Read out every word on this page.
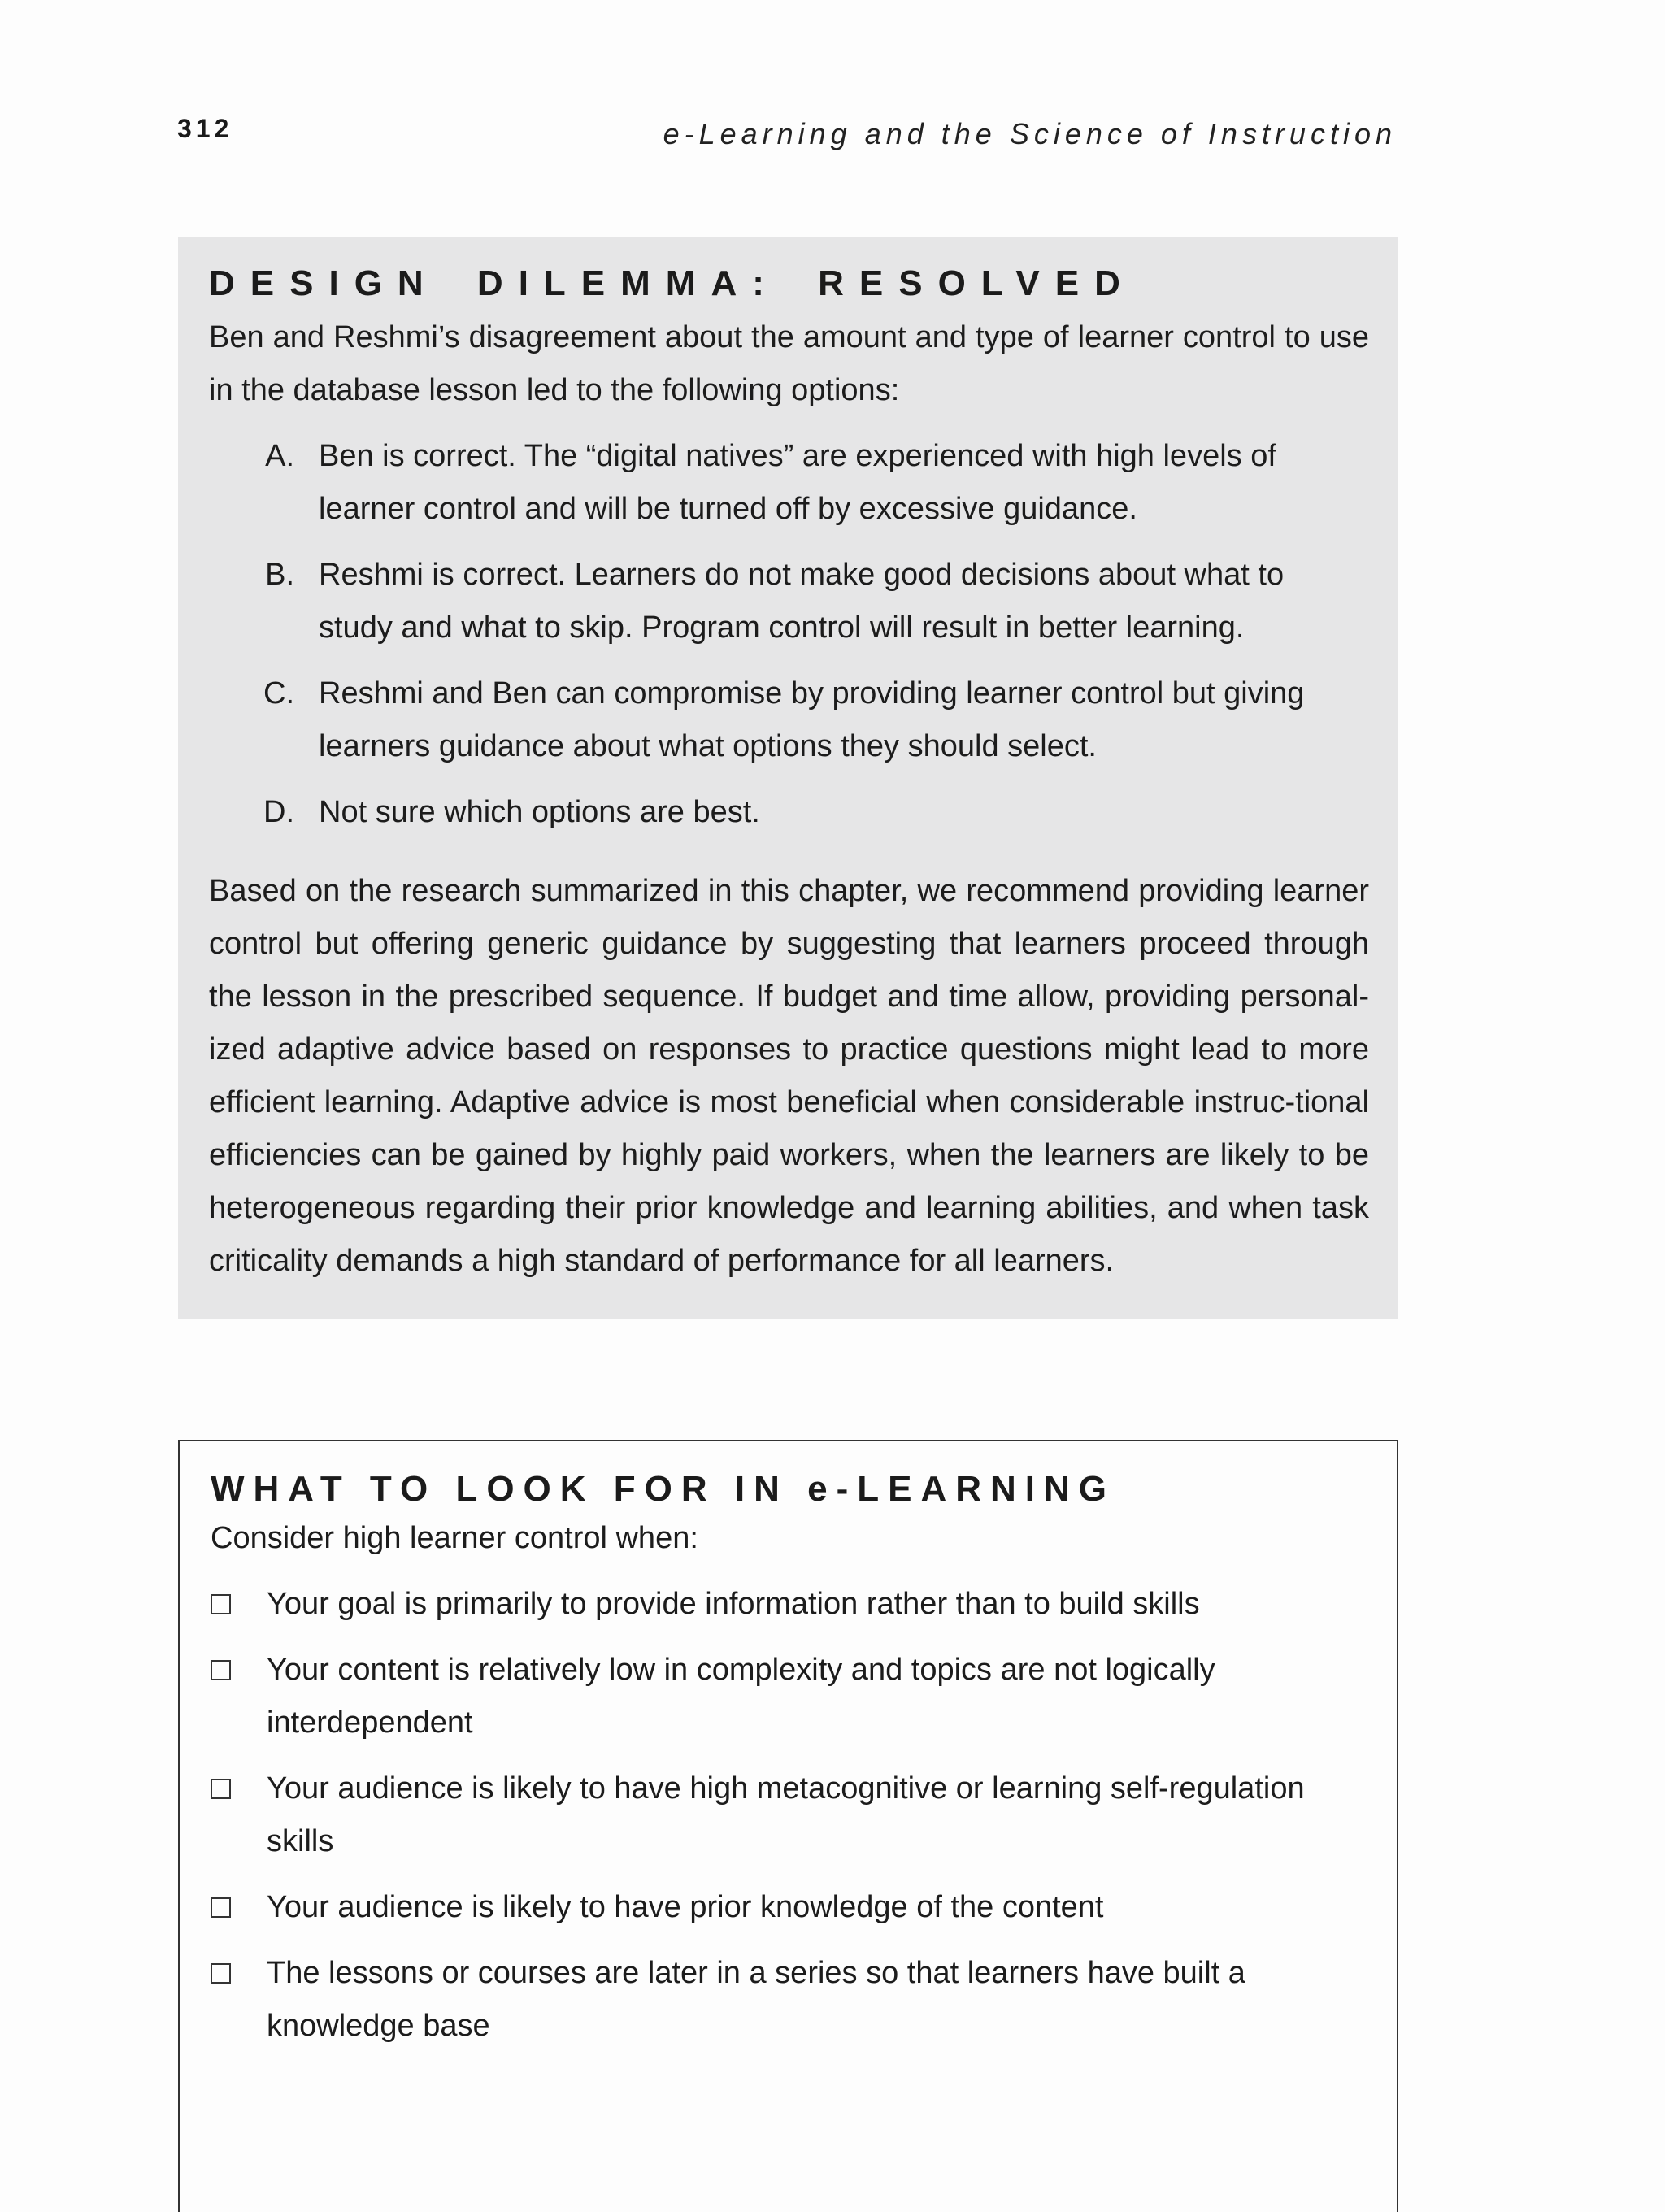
312	e-Learning and the Science of Instruction
DESIGN DILEMMA: RESOLVED

Ben and Reshmi’s disagreement about the amount and type of learner control to use in the database lesson led to the following options:

A. Ben is correct. The “digital natives” are experienced with high levels of learner control and will be turned off by excessive guidance.
B. Reshmi is correct. Learners do not make good decisions about what to study and what to skip. Program control will result in better learning.
C. Reshmi and Ben can compromise by providing learner control but giving learners guidance about what options they should select.
D. Not sure which options are best.

Based on the research summarized in this chapter, we recommend providing learner control but offering generic guidance by suggesting that learners proceed through the lesson in the prescribed sequence. If budget and time allow, providing personal-ized adaptive advice based on responses to practice questions might lead to more efficient learning. Adaptive advice is most beneficial when considerable instruc-tional efficiencies can be gained by highly paid workers, when the learners are likely to be heterogeneous regarding their prior knowledge and learning abilities, and when task criticality demands a high standard of performance for all learners.

WHAT TO LOOK FOR IN e-LEARNING

Consider high learner control when:

Your goal is primarily to provide information rather than to build skills
Your content is relatively low in complexity and topics are not logically interdependent
Your audience is likely to have high metacognitive or learning self-regulation skills
Your audience is likely to have prior knowledge of the content
The lessons or courses are later in a series so that learners have built a knowledge base
